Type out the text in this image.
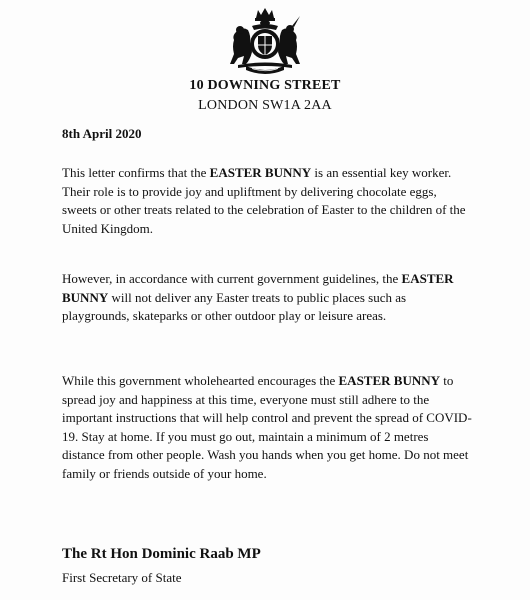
10 DOWNING STREET
LONDON SW1A 2AA
8th April 2020

This letter confirms that the EASTER BUNNY is an essential key worker. Their role is to provide joy and upliftment by delivering chocolate eggs, sweets or other treats related to the celebration of Easter to the children of the United Kingdom.

However, in accordance with current government guidelines, the EASTER BUNNY will not deliver any Easter treats to public places such as playgrounds, skateparks or other outdoor play or leisure areas.

While this government wholehearted encourages the EASTER BUNNY to spread joy and happiness at this time, everyone must still adhere to the important instructions that will help control and prevent the spread of COVID-19. Stay at home. If you must go out, maintain a minimum of 2 metres distance from other people. Wash you hands when you get home. Do not meet family or friends outside of your home.

The Rt Hon Dominic Raab MP
First Secretary of State
